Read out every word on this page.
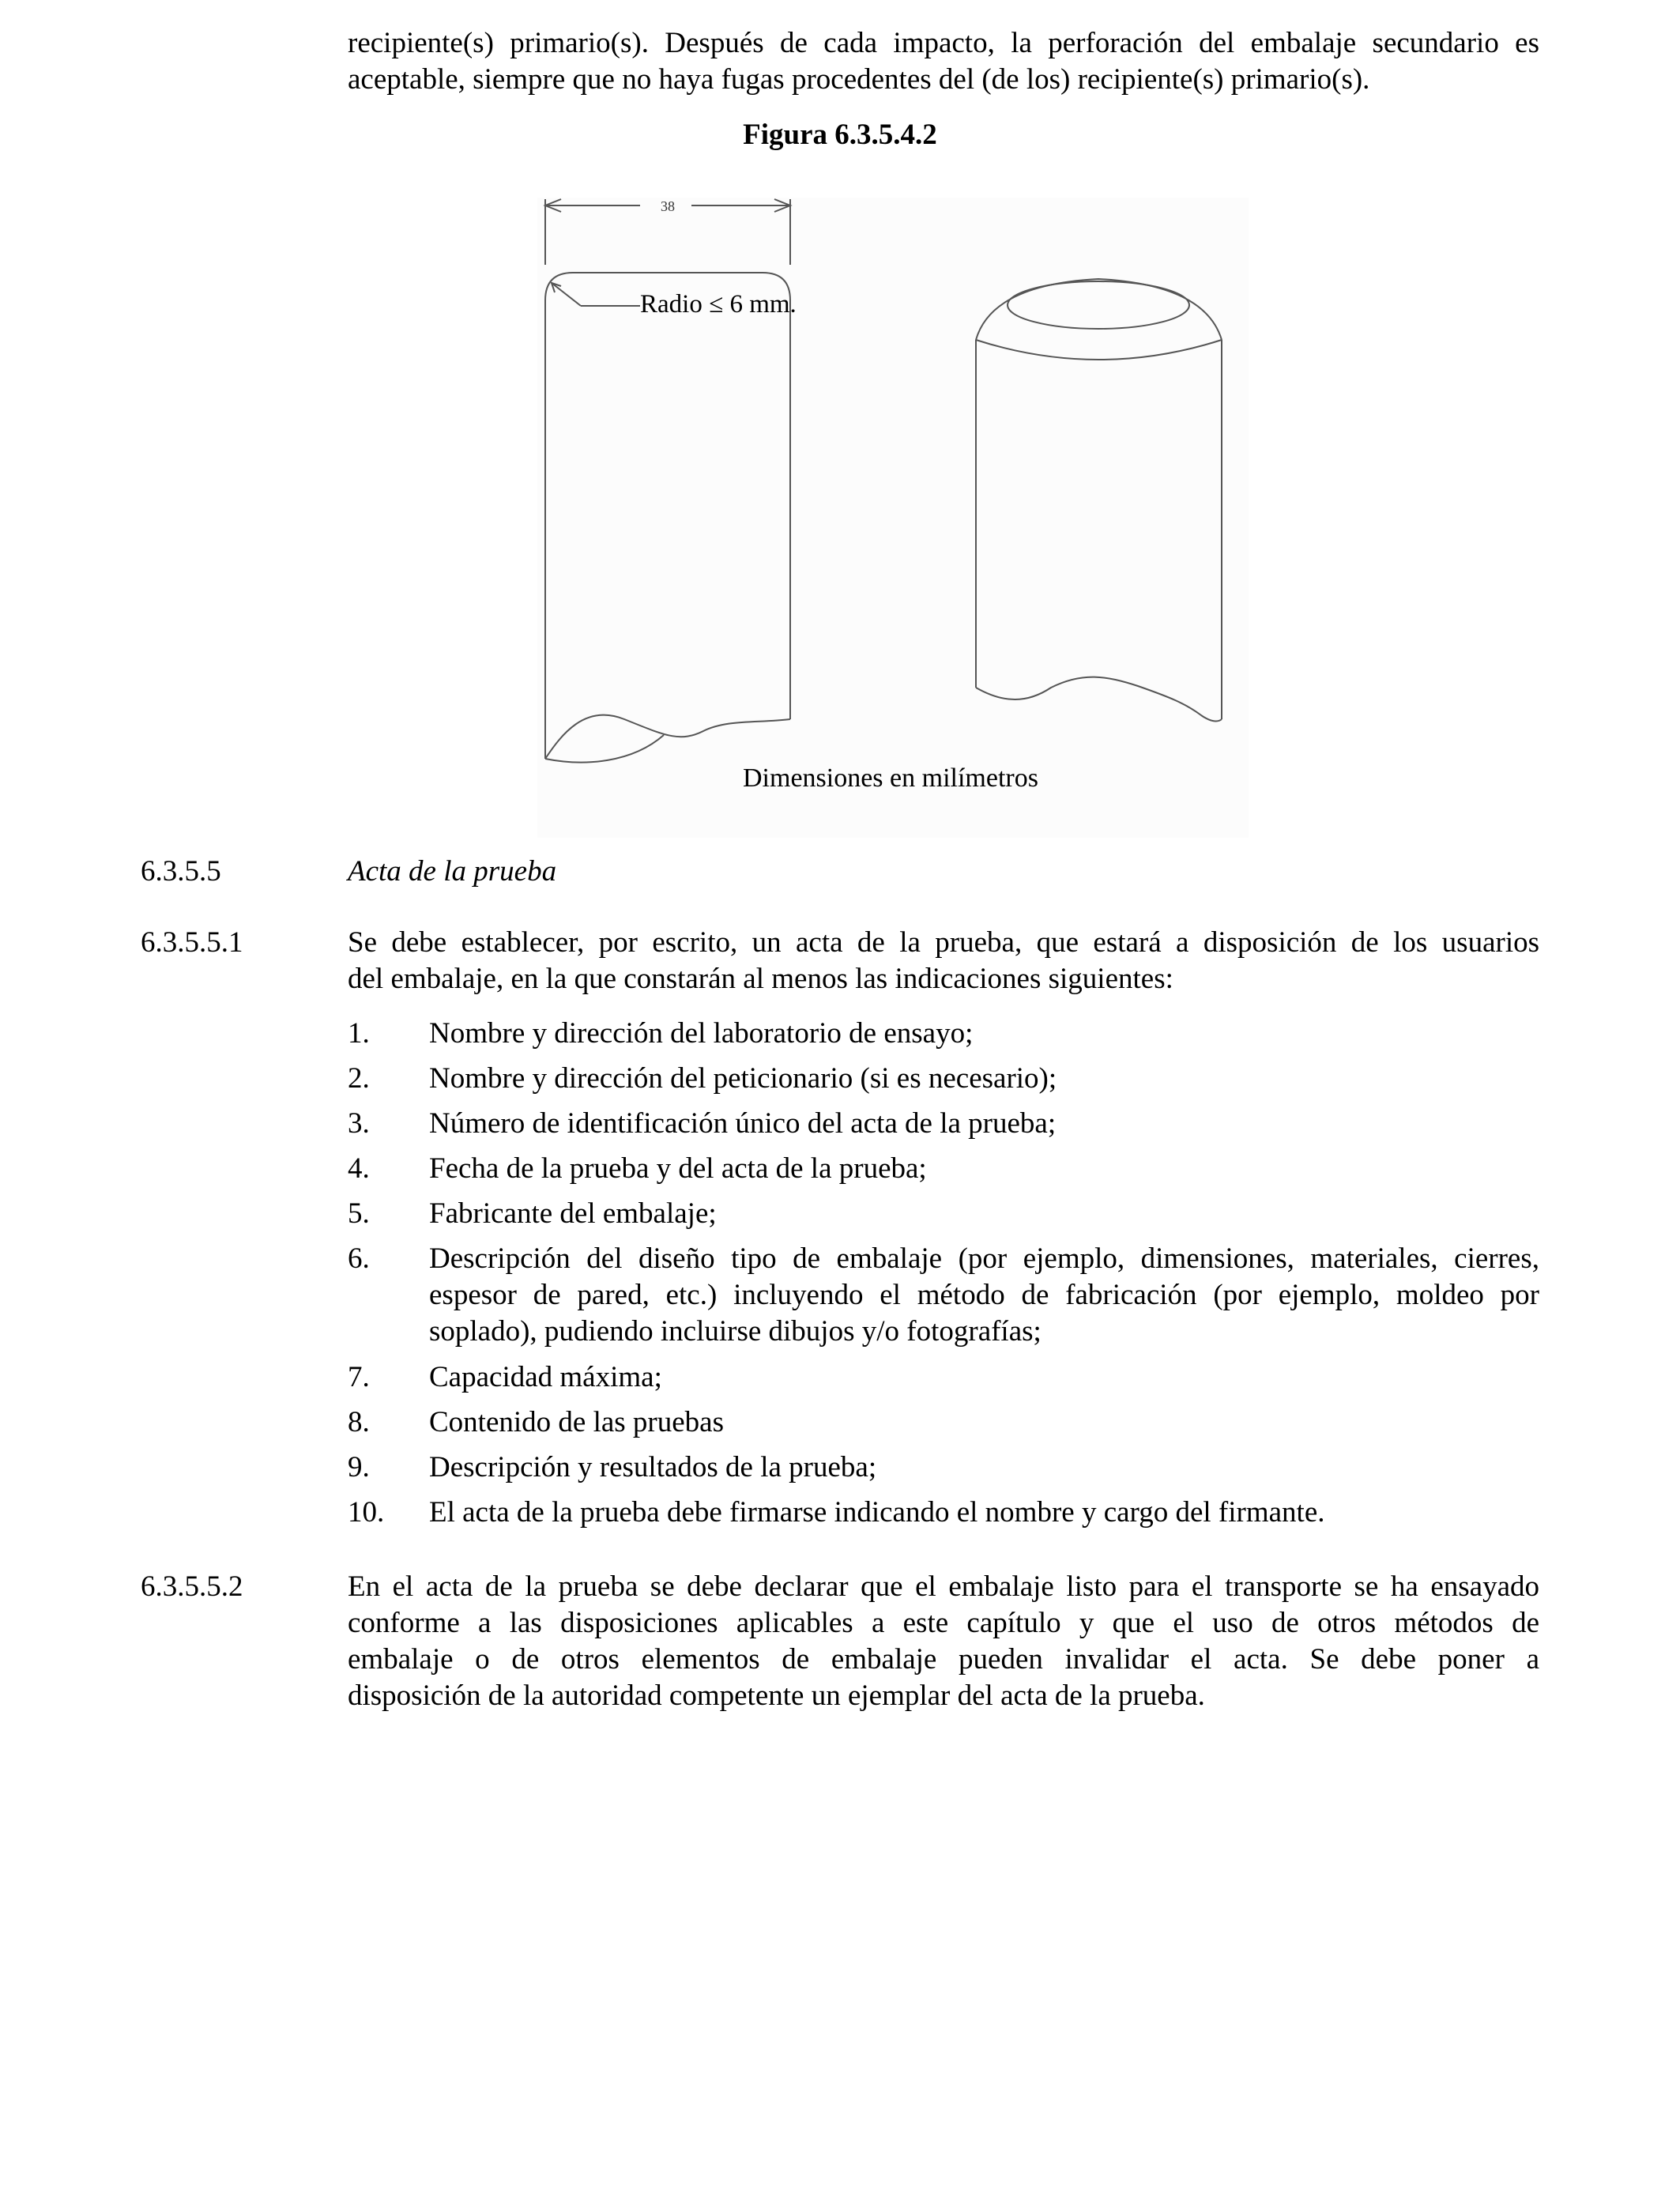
recipiente(s) primario(s). Después de cada impacto, la perforación del embalaje secundario es
aceptable, siempre que no haya fugas procedentes del (de los) recipiente(s) primario(s).
Figura 6.3.5.4.2
38
Radio ≤ 6 mm.
Dimensiones en milímetros
6.3.5.5	Acta de la prueba
6.3.5.5.1	Se debe establecer, por escrito, un acta de la prueba, que estará a disposición de los usuarios
del embalaje, en la que constarán al menos las indicaciones siguientes:
1. Nombre y dirección del laboratorio de ensayo;
2. Nombre y dirección del peticionario (si es necesario);
3. Número de identificación único del acta de la prueba;
4. Fecha de la prueba y del acta de la prueba;
5. Fabricante del embalaje;
6. Descripción del diseño tipo de embalaje (por ejemplo, dimensiones, materiales, cierres,
espesor de pared, etc.) incluyendo el método de fabricación (por ejemplo, moldeo por
soplado), pudiendo incluirse dibujos y/o fotografías;
7. Capacidad máxima;
8. Contenido de las pruebas
9. Descripción y resultados de la prueba;
10. El acta de la prueba debe firmarse indicando el nombre y cargo del firmante.
6.3.5.5.2	En el acta de la prueba se debe declarar que el embalaje listo para el transporte se ha ensayado
conforme a las disposiciones aplicables a este capítulo y que el uso de otros métodos de
embalaje o de otros elementos de embalaje pueden invalidar el acta. Se debe poner a
disposición de la autoridad competente un ejemplar del acta de la prueba.
